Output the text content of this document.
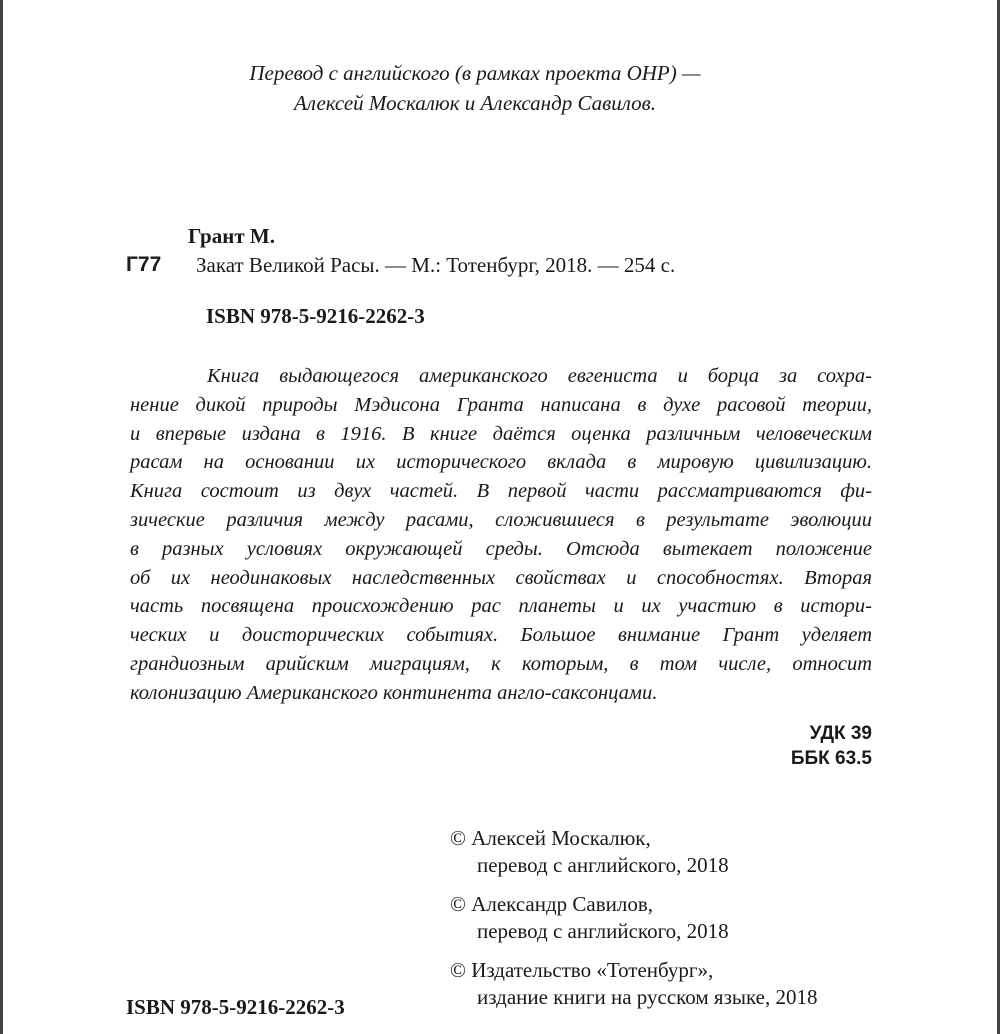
Перевод с английского (в рамках проекта ОНР) —
Алексей Москалюк и Александр Савилов.
Грант М.
Г77 Закат Великой Расы. — М.: Тотенбург, 2018. — 254 с.
ISBN 978-5-9216-2262-3
Книга выдающегося американского евгениста и борца за сохра-
нение дикой природы Мэдисона Гранта написана в духе расовой теории,
и впервые издана в 1916. В книге даётся оценка различным человеческим
расам на основании их исторического вклада в мировую цивилизацию.
Книга состоит из двух частей. В первой части рассматриваются фи-
зические различия между расами, сложившиеся в результате эволюции
в разных условиях окружающей среды. Отсюда вытекает положение
об их неодинаковых наследственных свойствах и способностях. Вторая
часть посвящена происхождению рас планеты и их участию в истори-
ческих и доисторических событиях. Большое внимание Грант уделяет
грандиозным арийским миграциям, к которым, в том числе, относит
колонизацию Американского континента англо-саксонцами.
УДК 39
ББК 63.5
© Алексей Москалюк,
перевод с английского, 2018
© Александр Савилов,
перевод с английского, 2018
© Издательство «Тотенбург»,
издание книги на русском языке, 2018
ISBN 978-5-9216-2262-3
